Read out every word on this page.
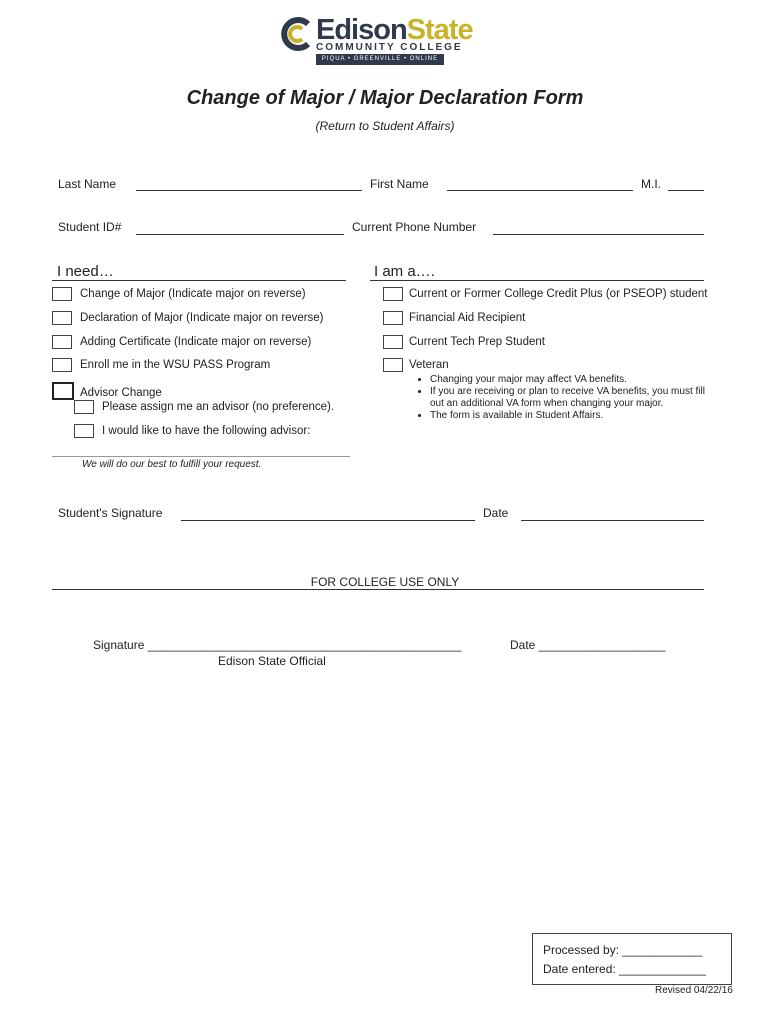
EdisonState
COMMUNITY COLLEGE
PIQUA • GREENVILLE • ONLINE
Change of Major / Major Declaration Form
(Return to Student Affairs)
Last Name	First Name	M.I.
Student ID#	Current Phone Number
I need…
Change of Major (Indicate major on reverse)
Declaration of Major (Indicate major on reverse)
Adding Certificate (Indicate major on reverse)
Enroll me in the WSU PASS Program
Advisor Change
Please assign me an advisor (no preference).
I would like to have the following advisor:
We will do our best to fulfill your request.
I am a….
Current or Former College Credit Plus (or PSEOP) student
Financial Aid Recipient
Current Tech Prep Student
Veteran
• Changing your major may affect VA benefits.
• If you are receiving or plan to receive VA benefits, you must fill out an additional VA form when changing your major.
• The form is available in Student Affairs.
Student's Signature	Date
FOR COLLEGE USE ONLY
Signature _______________________________________________	Date ___________________
Edison State Official
Processed by: ____________
Date entered: _____________
Revised 04/22/16
